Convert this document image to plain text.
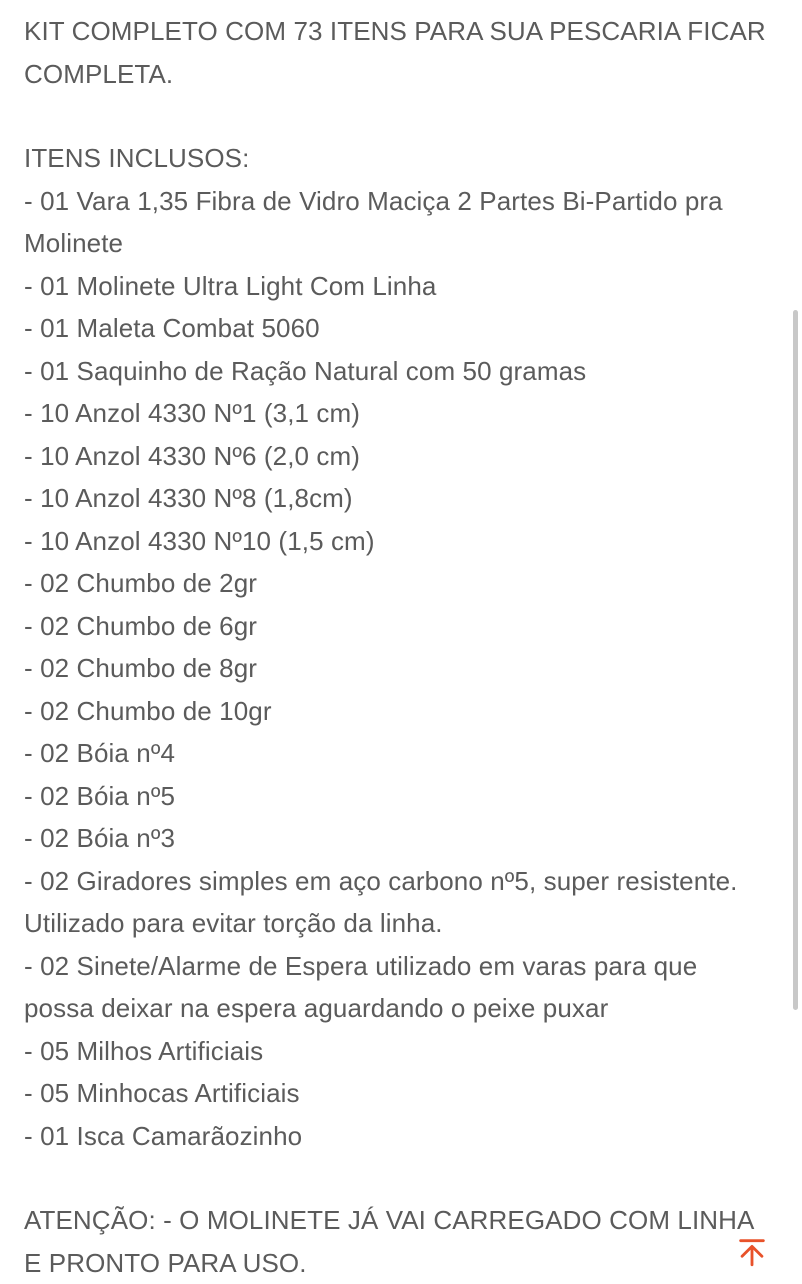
KIT COMPLETO COM 73 ITENS PARA SUA PESCARIA FICAR COMPLETA.

ITENS INCLUSOS:

- 01 Vara 1,35 Fibra de Vidro Maciça 2 Partes Bi-Partido pra Molinete
- 01 Molinete Ultra Light Com Linha
- 01 Maleta Combat 5060
- 01 Saquinho de Ração Natural com 50 gramas
- 10 Anzol 4330 Nº1 (3,1 cm)
- 10 Anzol 4330 Nº6 (2,0 cm)
- 10 Anzol 4330 Nº8 (1,8cm)
- 10 Anzol 4330 Nº10 (1,5 cm)
- 02 Chumbo de 2gr
- 02 Chumbo de 6gr
- 02 Chumbo de 8gr
- 02 Chumbo de 10gr
- 02 Bóia nº4
- 02 Bóia nº5
- 02 Bóia nº3
- 02 Giradores simples em aço carbono nº5, super resistente. Utilizado para evitar torção da linha.
- 02 Sinete/Alarme de Espera utilizado em varas para que possa deixar na espera aguardando o peixe puxar
- 05 Milhos Artificiais
- 05 Minhocas Artificiais
- 01 Isca Camarãozinho

ATENÇÃO: - O MOLINETE JÁ VAI CARREGADO COM LINHA E PRONTO PARA USO.
